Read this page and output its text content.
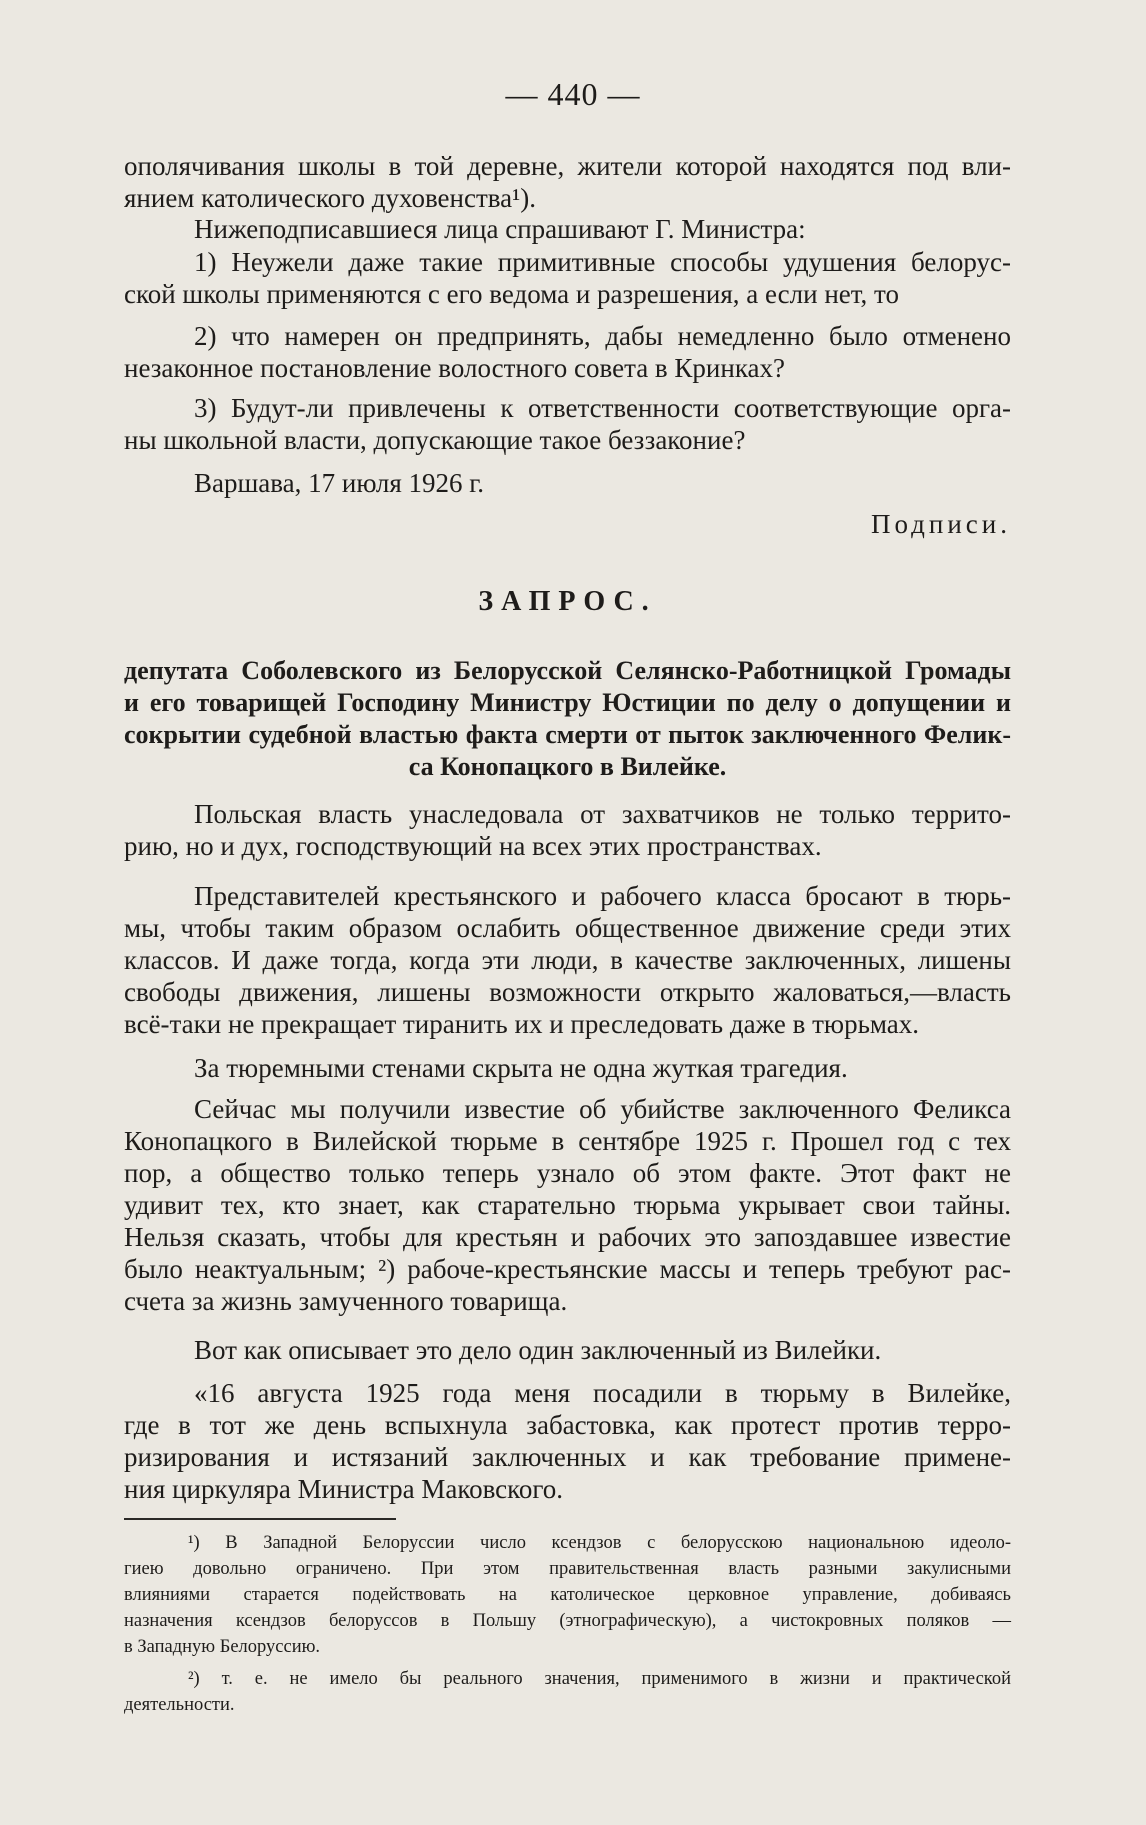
— 440 —
ополячивания школы в той деревне, жители которой находятся под вли-
янием католического духовенства¹).
Нижеподписавшиеся лица спрашивают Г. Министра:
1) Неужели даже такие примитивные способы удушения белорус-
ской школы применяются с его ведома и разрешения, а если нет, то
2) что намерен он предпринять, дабы немедленно было отменено
незаконное постановление волостного совета в Кринках?
3) Будут-ли привлечены к ответственности соответствующие орга-
ны школьной власти, допускающие такое беззаконие?
Варшава, 17 июля 1926 г.
Подписи.
ЗАПРОС.
депутата Соболевского из Белорусской Селянско-Работницкой Громады
и его товарищей Господину Министру Юстиции по делу о допущении и
сокрытии судебной властью факта смерти от пыток заключенного Фелик-
са Конопацкого в Вилейке.
Польская власть унаследовала от захватчиков не только террито-
рию, но и дух, господствующий на всех этих пространствах.
Представителей крестьянского и рабочего класса бросают в тюрь-
мы, чтобы таким образом ослабить общественное движение среди этих
классов. И даже тогда, когда эти люди, в качестве заключенных, лишены
свободы движения, лишены возможности открыто жаловаться,—власть
всё-таки не прекращает тиранить их и преследовать даже в тюрьмах.
За тюремными стенами скрыта не одна жуткая трагедия.
Сейчас мы получили известие об убийстве заключенного Феликса
Конопацкого в Вилейской тюрьме в сентябре 1925 г. Прошел год с тех
пор, а общество только теперь узнало об этом факте. Этот факт не
удивит тех, кто знает, как старательно тюрьма укрывает свои тайны.
Нельзя сказать, чтобы для крестьян и рабочих это запоздавшее известие
было неактуальным; ²) рабоче-крестьянские массы и теперь требуют рас-
счета за жизнь замученного товарища.
Вот как описывает это дело один заключенный из Вилейки.
«16 августа 1925 года меня посадили в тюрьму в Вилейке,
где в тот же день вспыхнула забастовка, как протест против терро-
ризирования и истязаний заключенных и как требование примене-
ния циркуляра Министра Маковского.
¹) В Западной Белоруссии число ксендзов с белорусскою национальною идеоло-
гиею довольно ограничено. При этом правительственная власть разными закулисными
влияниями старается подействовать на католическое церковное управление, добиваясь
назначения ксендзов белоруссов в Польшу (этнографическую), а чистокровных поляков —
в Западную Белоруссию.
²) т. е. не имело бы реального значения, применимого в жизни и практической
деятельности.
